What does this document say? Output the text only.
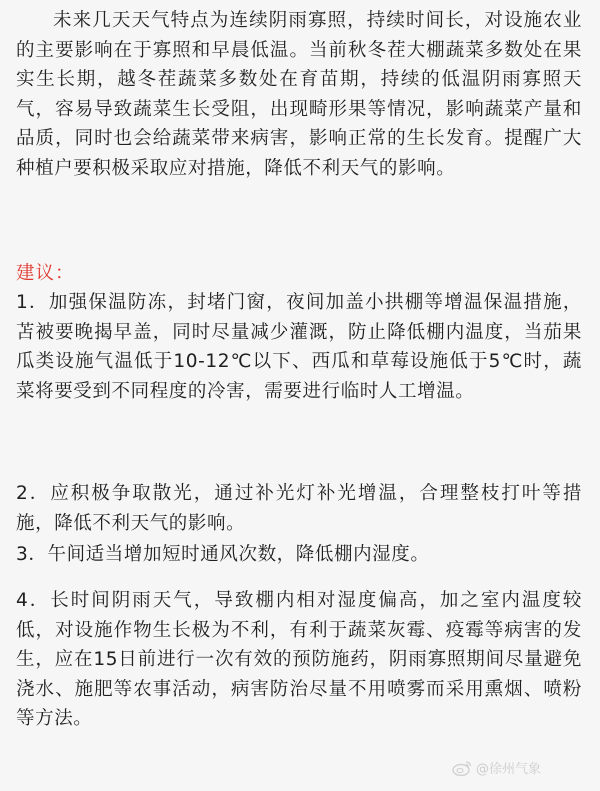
未来几天天气特点为连续阴雨寡照，持续时间长，对设施农业的主要影响在于寡照和早晨低温。当前秋冬茬大棚蔬菜多数处在果实生长期，越冬茬蔬菜多数处在育苗期，持续的低温阴雨寡照天气，容易导致蔬菜生长受阻，出现畸形果等情况，影响蔬菜产量和品质，同时也会给蔬菜带来病害，影响正常的生长发育。提醒广大种植户要积极采取应对措施，降低不利天气的影响。

建议：

1．加强保温防冻，封堵门窗，夜间加盖小拱棚等增温保温措施，苫被要晚揭早盖，同时尽量减少灌溉，防止降低棚内温度，当茄果瓜类设施气温低于10-12℃以下、西瓜和草莓设施低于5℃时，蔬菜将要受到不同程度的冷害，需要进行临时人工增温。

2．应积极争取散光，通过补光灯补光增温，合理整枝打叶等措施，降低不利天气的影响。

3．午间适当增加短时通风次数，降低棚内湿度。

4．长时间阴雨天气，导致棚内相对湿度偏高，加之室内温度较低，对设施作物生长极为不利，有利于蔬菜灰霉、疫霉等病害的发生，应在15日前进行一次有效的预防施药，阴雨寡照期间尽量避免浇水、施肥等农事活动，病害防治尽量不用喷雾而采用熏烟、喷粉等方法。

@徐州气象
